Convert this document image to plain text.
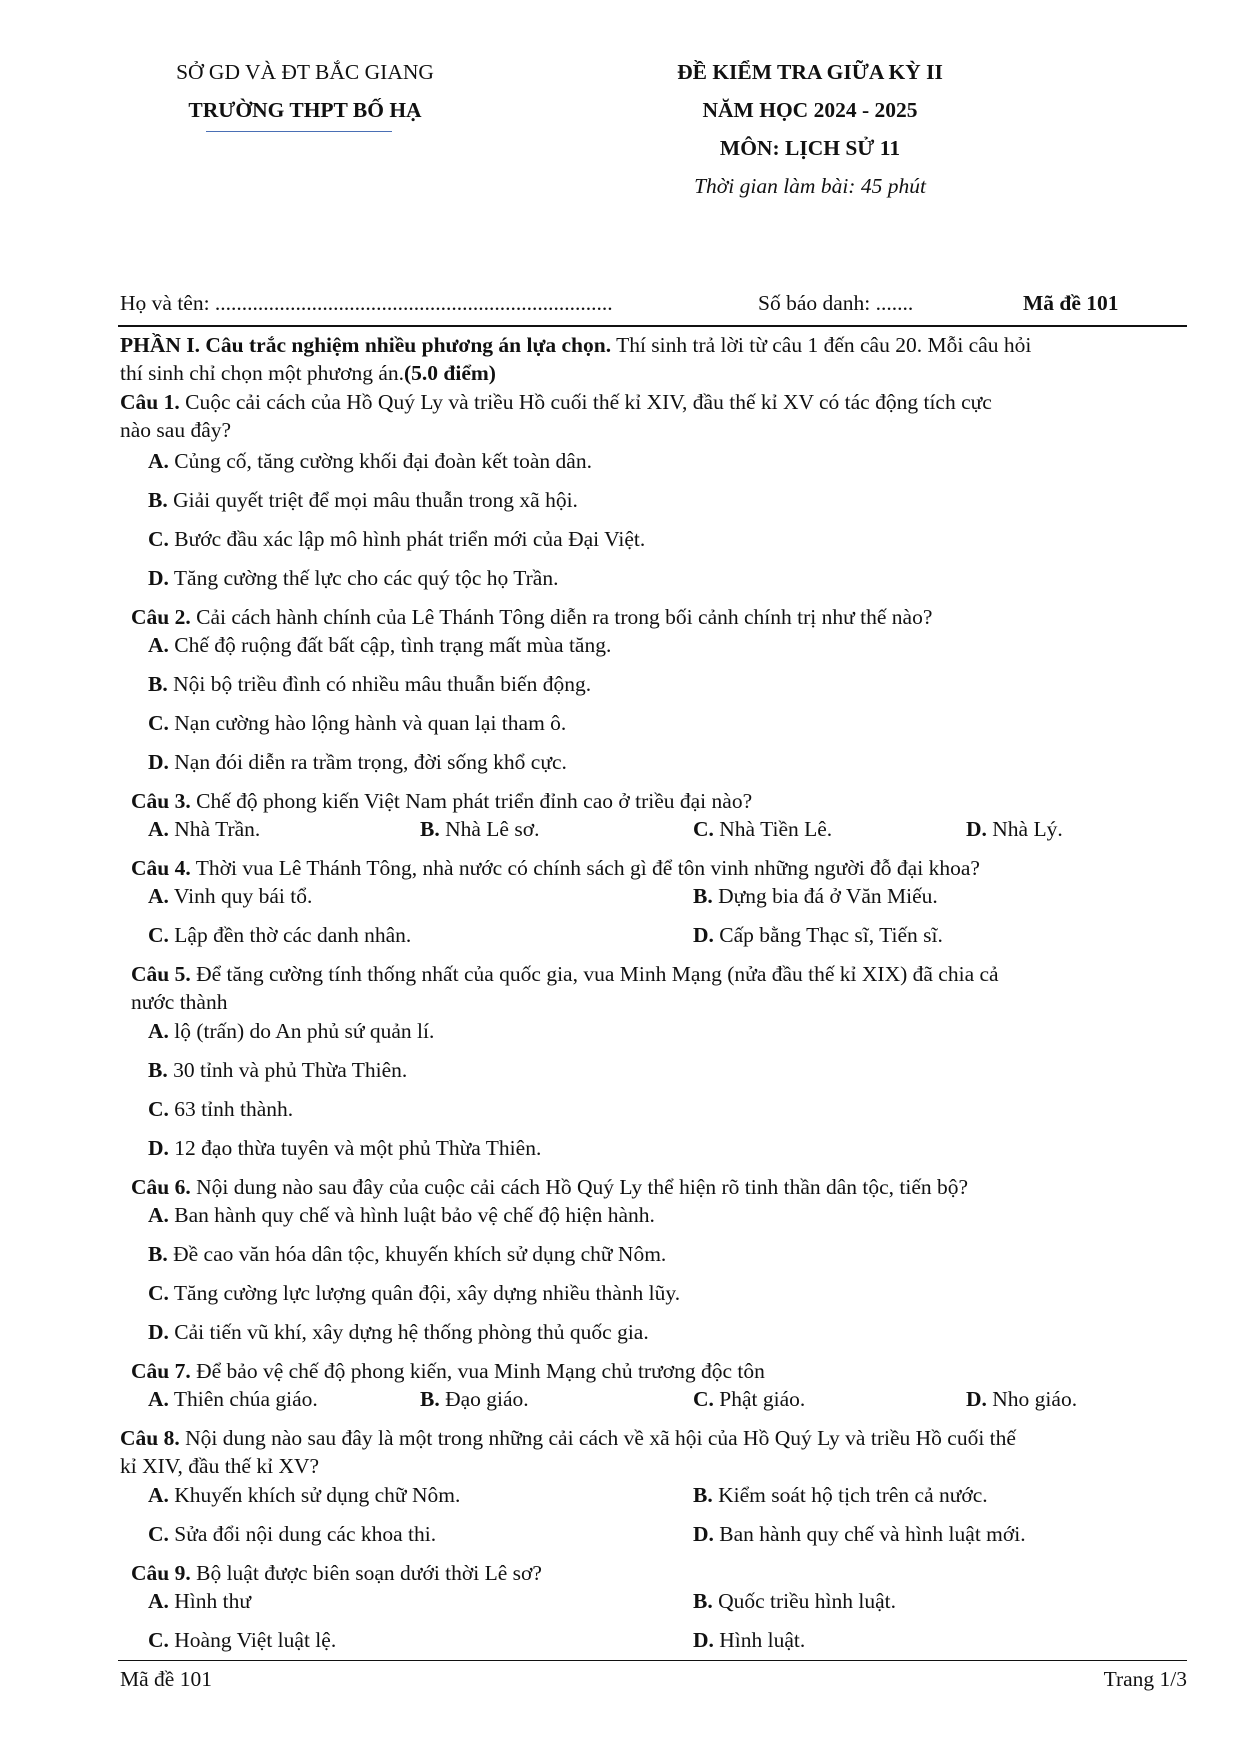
SỞ GD VÀ ĐT BẮC GIANG
TRƯỜNG THPT BỐ HẠ
ĐỀ KIỂM TRA GIỮA KỲ II
NĂM HỌC 2024 - 2025
MÔN: LỊCH SỬ 11
Thời gian làm bài: 45 phút
Họ và tên: ..........................................................................	Số báo danh: .......	Mã đề 101
PHẦN I. Câu trắc nghiệm nhiều phương án lựa chọn. Thí sinh trả lời từ câu 1 đến câu 20. Mỗi câu hỏi
thí sinh chỉ chọn một phương án.(5.0 điểm)
Câu 1. Cuộc cải cách của Hồ Quý Ly và triều Hồ cuối thế kỉ XIV, đầu thế kỉ XV có tác động tích cực
nào sau đây?
A. Củng cố, tăng cường khối đại đoàn kết toàn dân.
B. Giải quyết triệt để mọi mâu thuẫn trong xã hội.
C. Bước đầu xác lập mô hình phát triển mới của Đại Việt.
D. Tăng cường thế lực cho các quý tộc họ Trần.
Câu 2. Cải cách hành chính của Lê Thánh Tông diễn ra trong bối cảnh chính trị như thế nào?
A. Chế độ ruộng đất bất cập, tình trạng mất mùa tăng.
B. Nội bộ triều đình có nhiều mâu thuẫn biến động.
C. Nạn cường hào lộng hành và quan lại tham ô.
D. Nạn đói diễn ra trầm trọng, đời sống khổ cực.
Câu 3. Chế độ phong kiến Việt Nam phát triển đỉnh cao ở triều đại nào?
A. Nhà Trần.	B. Nhà Lê sơ.	C. Nhà Tiền Lê.	D. Nhà Lý.
Câu 4. Thời vua Lê Thánh Tông, nhà nước có chính sách gì để tôn vinh những người đỗ đại khoa?
A. Vinh quy bái tổ.	B. Dựng bia đá ở Văn Miếu.
C. Lập đền thờ các danh nhân.	D. Cấp bằng Thạc sĩ, Tiến sĩ.
Câu 5. Để tăng cường tính thống nhất của quốc gia, vua Minh Mạng (nửa đầu thế kỉ XIX) đã chia cả
nước thành
A. lộ (trấn) do An phủ sứ quản lí.
B. 30 tỉnh và phủ Thừa Thiên.
C. 63 tỉnh thành.
D. 12 đạo thừa tuyên và một phủ Thừa Thiên.
Câu 6. Nội dung nào sau đây của cuộc cải cách Hồ Quý Ly thể hiện rõ tinh thần dân tộc, tiến bộ?
A. Ban hành quy chế và hình luật bảo vệ chế độ hiện hành.
B. Đề cao văn hóa dân tộc, khuyến khích sử dụng chữ Nôm.
C. Tăng cường lực lượng quân đội, xây dựng nhiều thành lũy.
D. Cải tiến vũ khí, xây dựng hệ thống phòng thủ quốc gia.
Câu 7. Để bảo vệ chế độ phong kiến, vua Minh Mạng chủ trương độc tôn
A. Thiên chúa giáo.	B. Đạo giáo.	C. Phật giáo.	D. Nho giáo.
Câu 8. Nội dung nào sau đây là một trong những cải cách về xã hội của Hồ Quý Ly và triều Hồ cuối thế
kỉ XIV, đầu thế kỉ XV?
A. Khuyến khích sử dụng chữ Nôm.	B. Kiểm soát hộ tịch trên cả nước.
C. Sửa đổi nội dung các khoa thi.	D. Ban hành quy chế và hình luật mới.
Câu 9. Bộ luật được biên soạn dưới thời Lê sơ?
A. Hình thư	B. Quốc triều hình luật.
C. Hoàng Việt luật lệ.	D. Hình luật.
Mã đề 101	Trang 1/3
